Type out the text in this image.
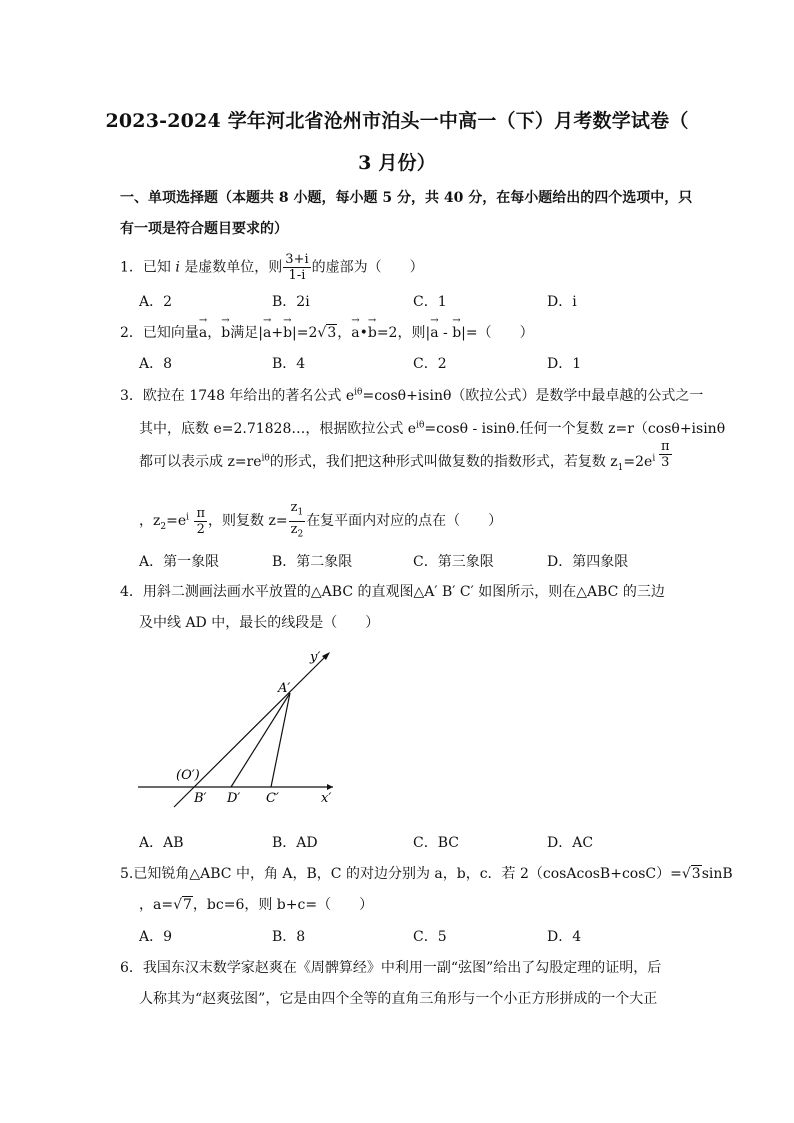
2023-2024 学年河北省沧州市泊头一中高一（下）月考数学试卷（
3 月份）
一、单项选择题（本题共 8 小题，每小题 5 分，共 40 分，在每小题给出的四个选项中，只
有一项是符合题目要求的）
1．已知 i 是虚数单位，则 $\frac{3+i}{1-i}$ 的虚部为（　　）
A．2	B．2i	C．1	D．i
2．已知向量→ a，→ b满足|→ a+→ b|=2√3，→ a•→ b=2，则|→ a - → b|=（　　）
A．8	B．4	C．2	D．1
3．欧拉在 1748 年给出的著名公式 $e^{i\theta}=\cos\theta+isin\theta$（欧拉公式）是数学中最卓越的公式之一
其中，底数 e=2.71828…，根据欧拉公式 $e^{i\theta}=\cos\theta - isin\theta$.任何一个复数 z=r（cosθ+isinθ
都可以表示成 $z=re^{i\theta}$的形式，我们把这种形式叫做复数的指数形式，若复数 $z_1=2e^i \frac{\pi}{3}$
，$z_2=e^i \frac{\pi}{2}$ ，则复数 $z= \frac{z_1}{z_2}$ 在复平面内对应的点在（　　）
A．第一象限	B．第二象限	C．第三象限	D．第四象限
4．用斜二测画法画水平放置的△ABC 的直观图△A′ B′ C′ 如图所示，则在△ABC 的三边
及中线 AD 中，最长的线段是（　　）
y′
x′
A′
(O′)
B′ D′ C′
A．AB	B．AD	C．BC	D．AC
5.已知锐角△ABC 中，角 A，B，C 的对边分别为 a，b，c．若 2（cosAcosB+cosC）=√3sinB
，a=√7，bc=6，则 b+c=（　　）
A．9	B．8	C．5	D．4
6．我国东汉末数学家赵爽在《周髀算经》中利用一副“弦图”给出了勾股定理的证明，后
人称其为“赵爽弦图”，它是由四个全等的直角三角形与一个小正方形拼成的一个大正
